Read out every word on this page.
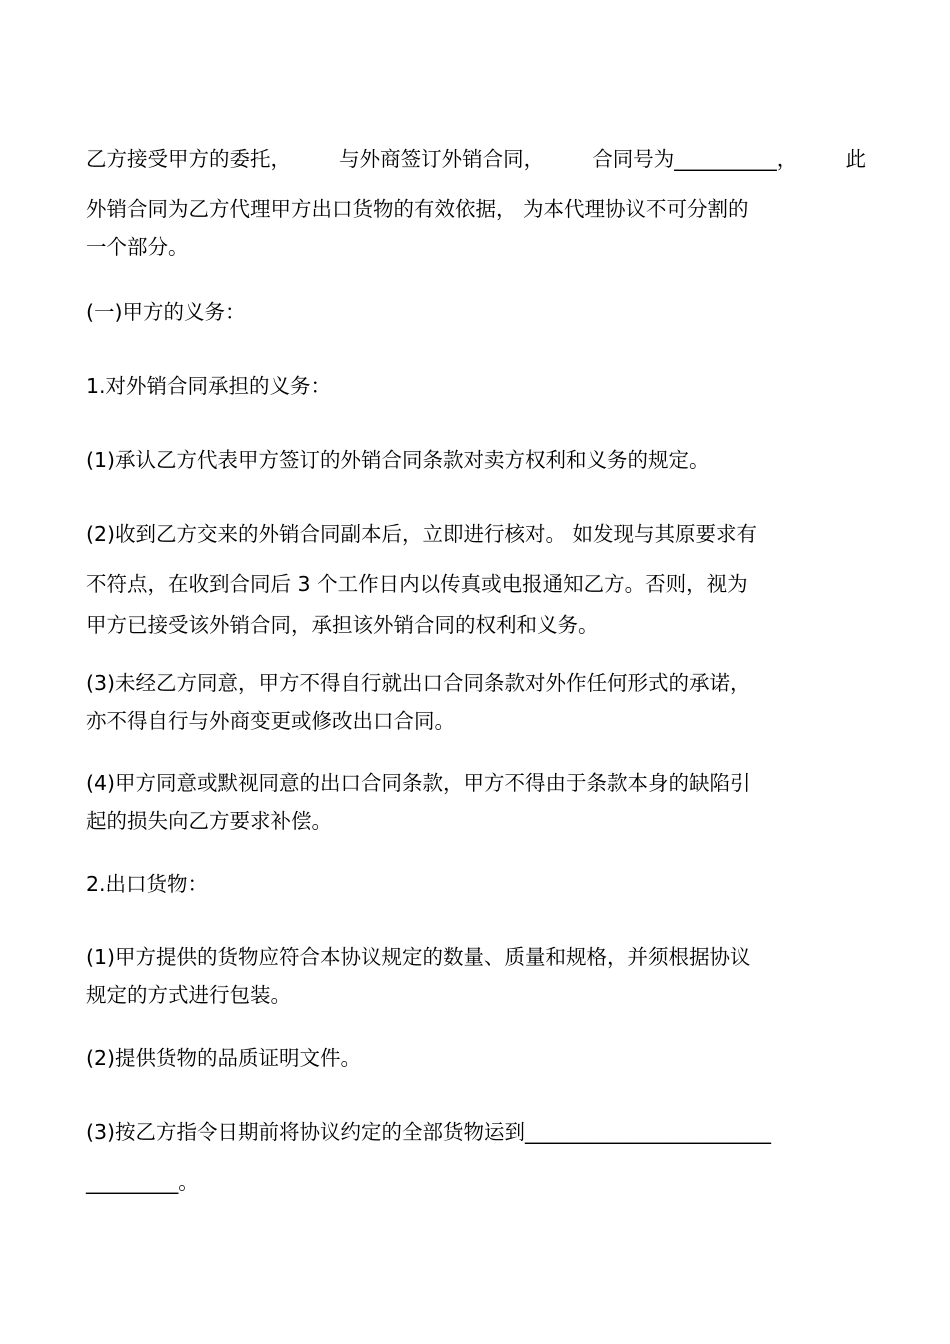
乙方接受甲方的委托， 与外商签订外销合同， 合同号为__________， 此
外销合同为乙方代理甲方出口货物的有效依据， 为本代理协议不可分割的
一个部分。

(一)甲方的义务：

1.对外销合同承担的义务：

(1)承认乙方代表甲方签订的外销合同条款对卖方权利和义务的规定。

(2)收到乙方交来的外销合同副本后，立即进行核对。 如发现与其原要求有
不符点，在收到合同后 3 个工作日内以传真或电报通知乙方。否则，视为
甲方已接受该外销合同，承担该外销合同的权利和义务。

(3)未经乙方同意，甲方不得自行就出口合同条款对外作任何形式的承诺，
亦不得自行与外商变更或修改出口合同。

(4)甲方同意或默视同意的出口合同条款，甲方不得由于条款本身的缺陷引
起的损失向乙方要求补偿。

2.出口货物：

(1)甲方提供的货物应符合本协议规定的数量、质量和规格，并须根据协议
规定的方式进行包装。

(2)提供货物的品质证明文件。

(3)按乙方指令日期前将协议约定的全部货物运到________________________
_________。
